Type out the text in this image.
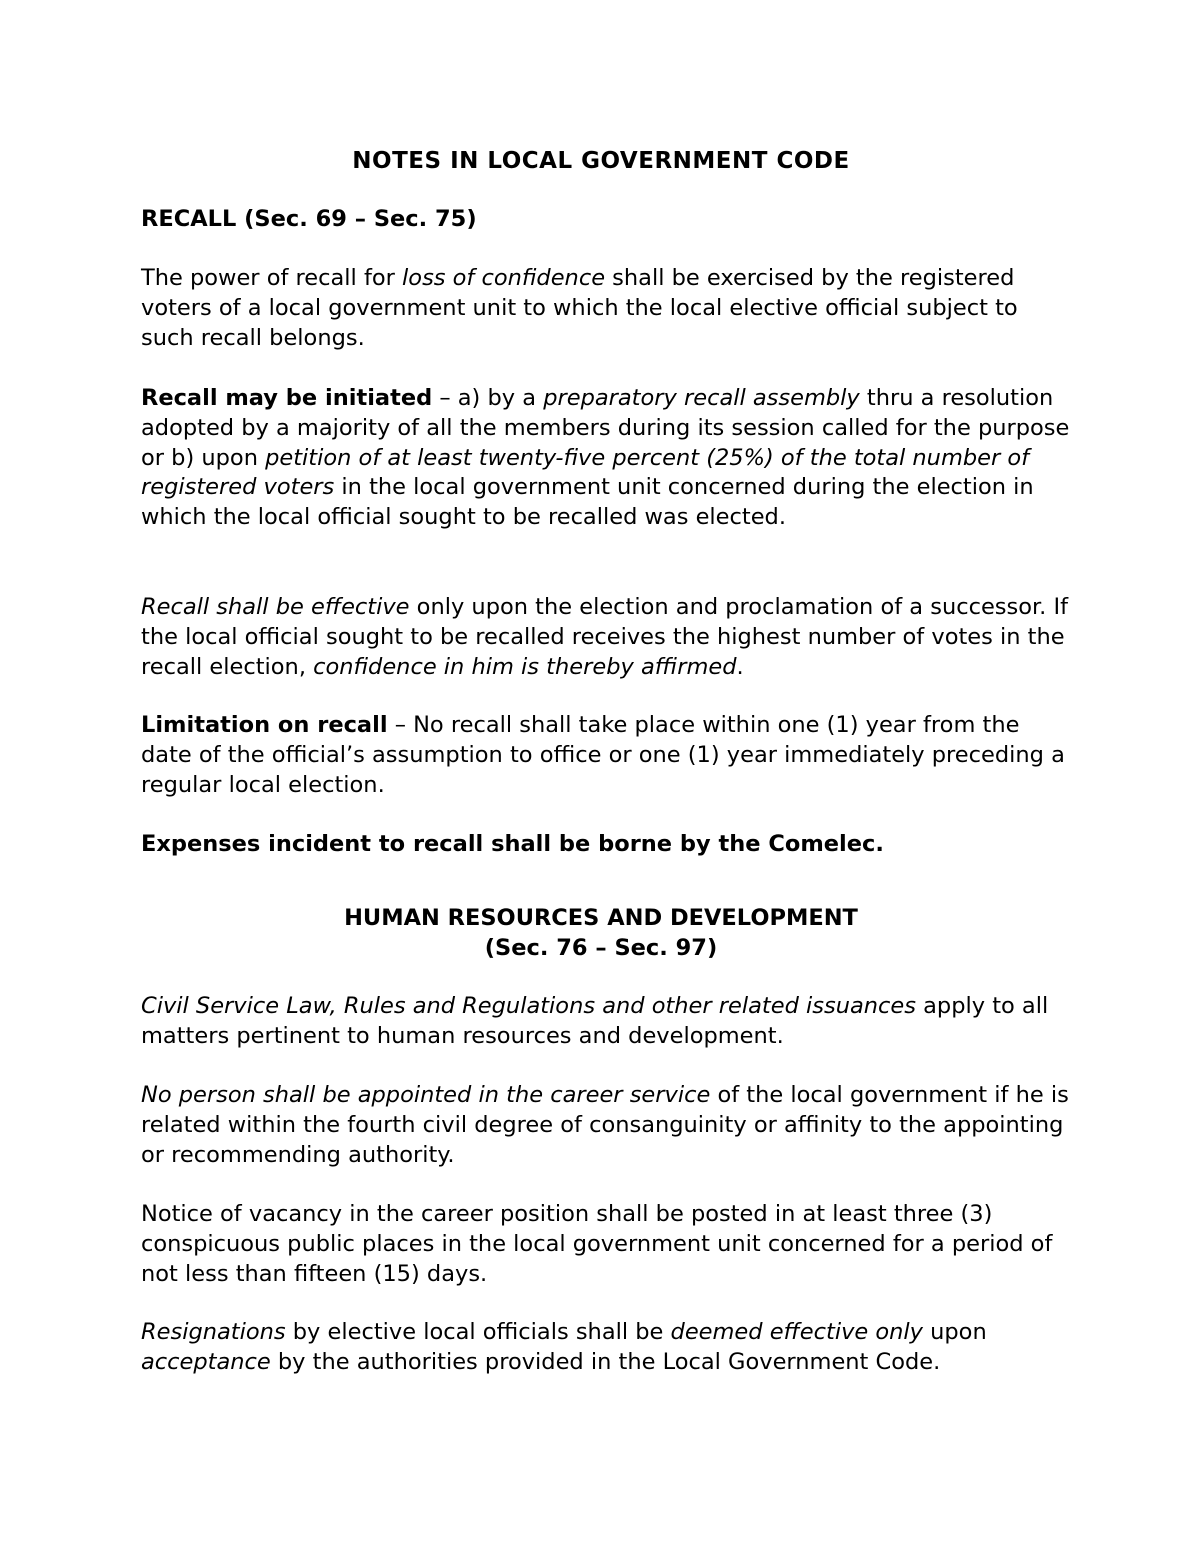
NOTES IN LOCAL GOVERNMENT CODE

RECALL (Sec. 69 – Sec. 75)

The power of recall for loss of confidence shall be exercised by the registered voters of a local government unit to which the local elective official subject to such recall belongs.

Recall may be initiated – a) by a preparatory recall assembly thru a resolution adopted by a majority of all the members during its session called for the purpose or b) upon petition of at least twenty-five percent (25%) of the total number of registered voters in the local government unit concerned during the election in which the local official sought to be recalled was elected.

Recall shall be effective only upon the election and proclamation of a successor. If the local official sought to be recalled receives the highest number of votes in the recall election, confidence in him is thereby affirmed.

Limitation on recall – No recall shall take place within one (1) year from the date of the official’s assumption to office or one (1) year immediately preceding a regular local election.

Expenses incident to recall shall be borne by the Comelec.

HUMAN RESOURCES AND DEVELOPMENT

(Sec. 76 – Sec. 97)

Civil Service Law, Rules and Regulations and other related issuances apply to all matters pertinent to human resources and development.

No person shall be appointed in the career service of the local government if he is related within the fourth civil degree of consanguinity or affinity to the appointing or recommending authority.

Notice of vacancy in the career position shall be posted in at least three (3) conspicuous public places in the local government unit concerned for a period of not less than fifteen (15) days.

Resignations by elective local officials shall be deemed effective only upon acceptance by the authorities provided in the Local Government Code.
